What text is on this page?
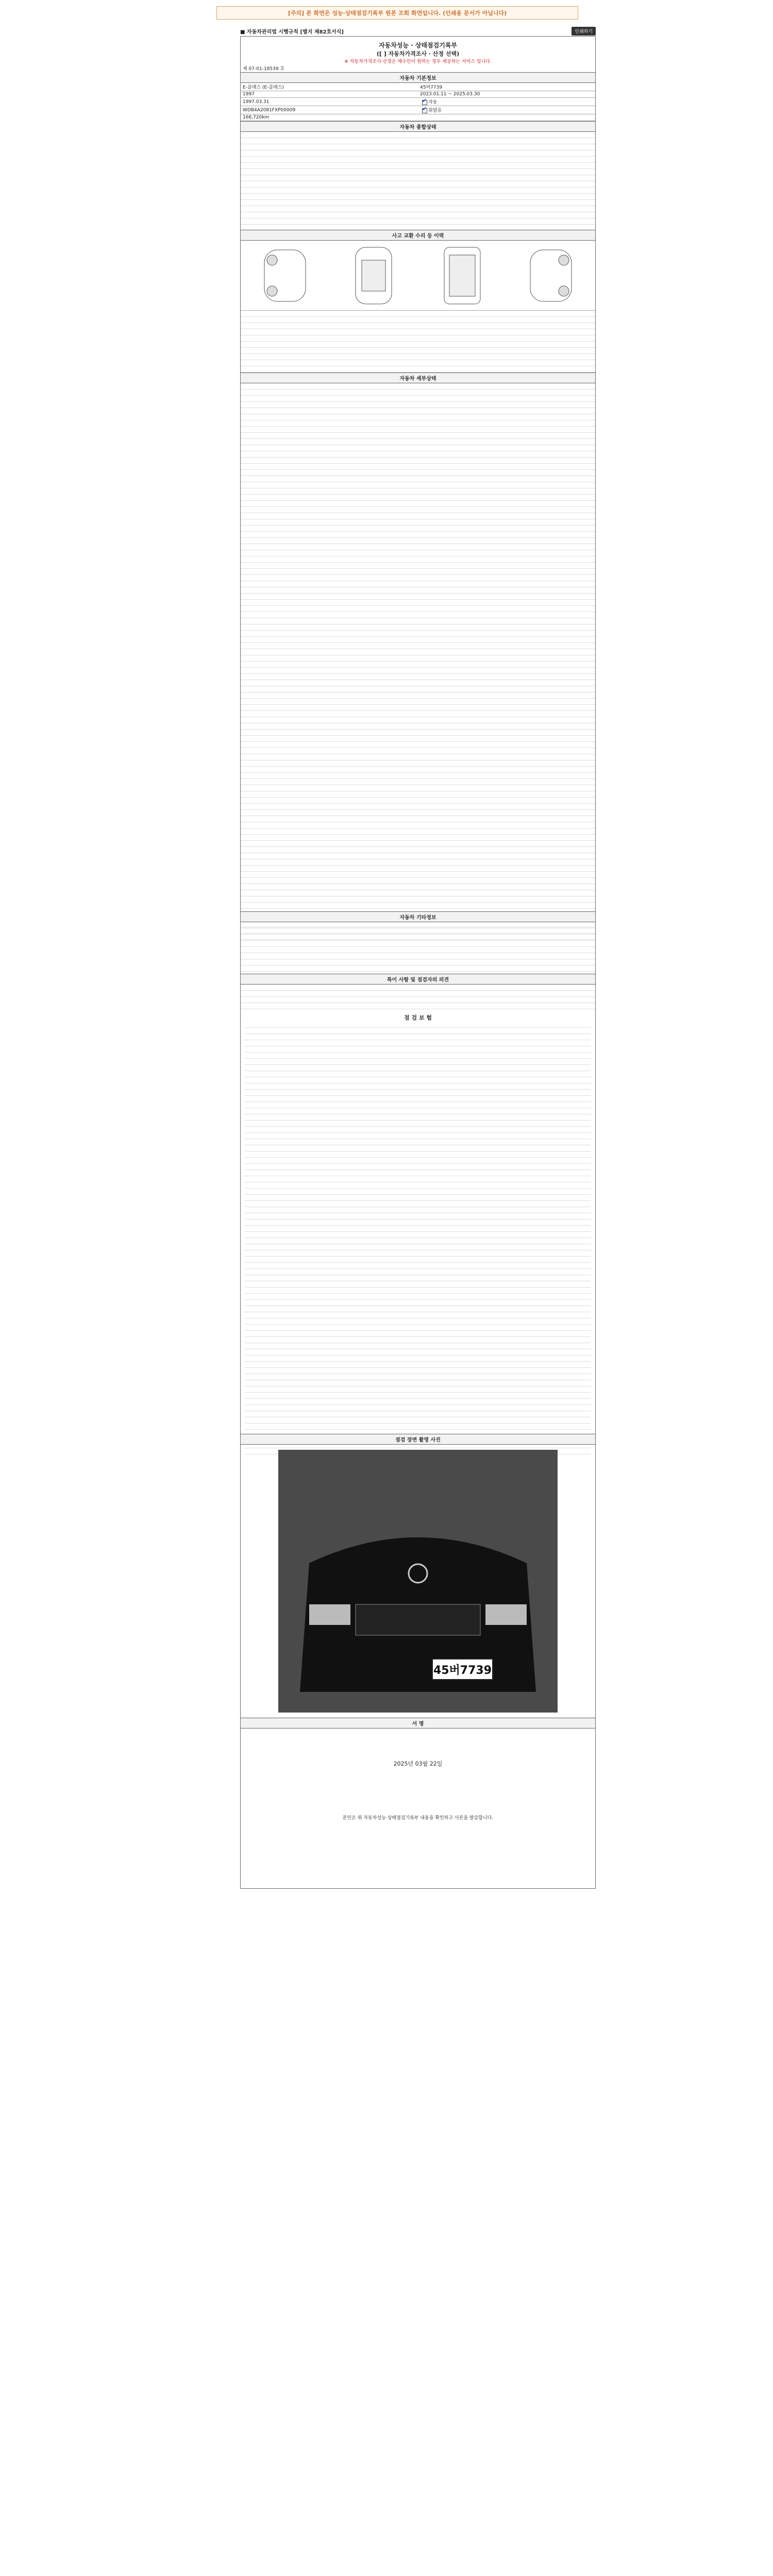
[주의] 본 화면은 성능·상태점검기록부 원본 조회 화면입니다. (인쇄용 문서가 아닙니다)
■ 자동차관리법 시행규칙 [별지 제82호서식]	인쇄하기
자동차성능 · 상태점검기록부
([ ] 자동차가격조사 · 산정 선택)
※ 자동차가격조사·산정은 매수인이 원하는 경우 제공하는 서비스 입니다.
제 07-01-18539 호
자동차 기본정보
E-클래스 (E-클래스)	45버7739
1997	2023.01.11 ~ 2025.03.30
1997.03.31 ✔	자동
WDB4A2081FXP00009 ✔	휘발유
166,720km
자동차 종합상태
사고 교환 수리 등 이력
자동차 세부상태
자동차 기타정보
특이 사항 및 점검자의 의견
점 검 보 험
점검 장면 촬영 사진
45버7739
서 명
2025년 03월 22일
본인은 위 자동차성능·상태점검기록부 내용을 확인하고 사본을 발급합니다.
